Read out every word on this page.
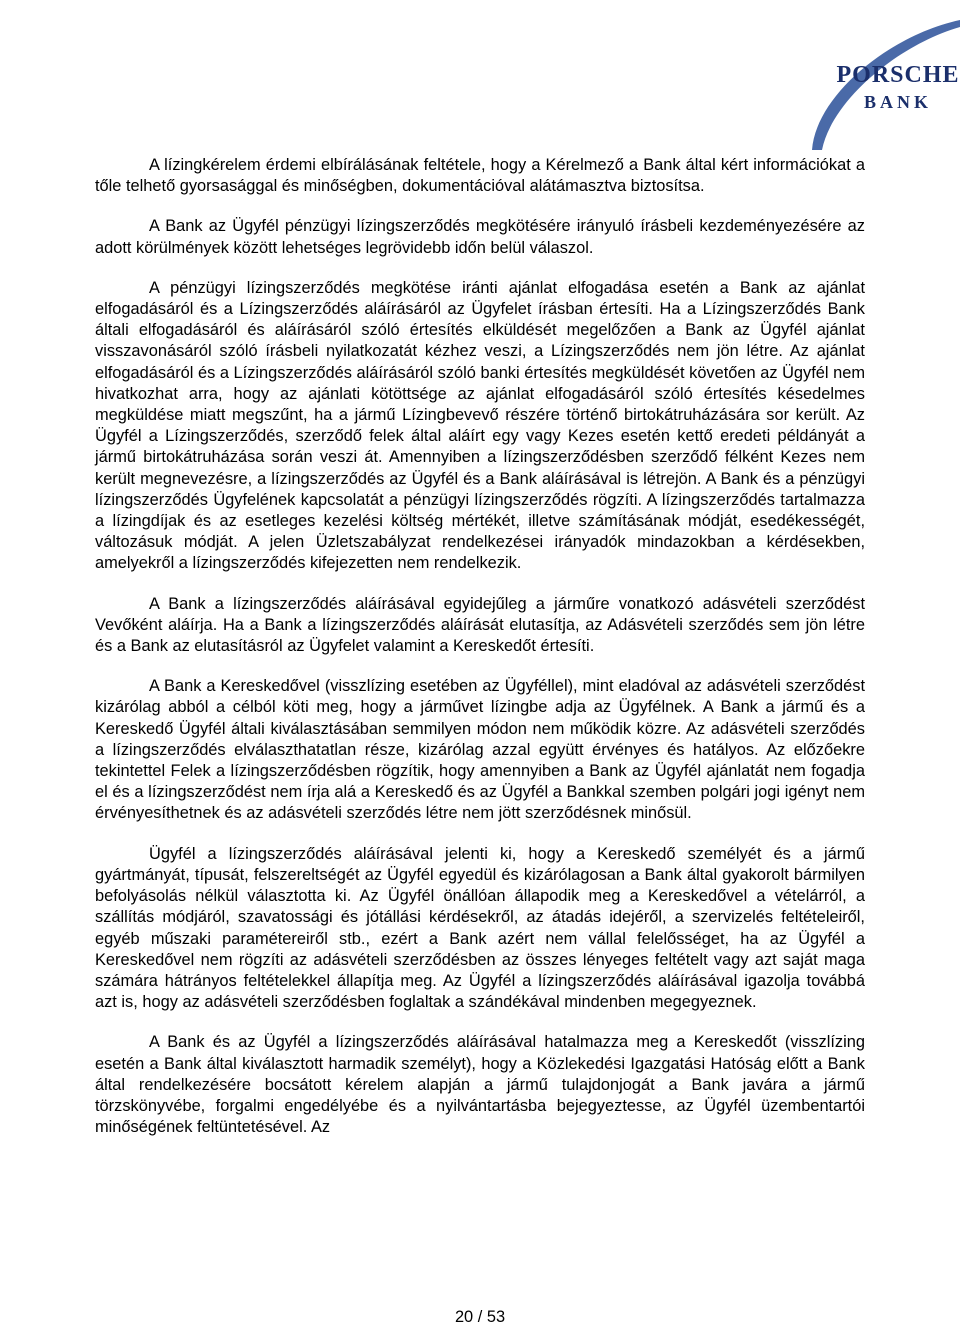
PORSCHE
BANK

A lízingkérelem érdemi elbírálásának feltétele, hogy a Kérelmező a Bank által kért információkat a tőle telhető gyorsasággal és minőségben, dokumentációval alátámasztva biztosítsa.

A Bank az Ügyfél pénzügyi lízingszerződés megkötésére irányuló írásbeli kezdeményezésére az adott körülmények között lehetséges legrövidebb időn belül válaszol.

A pénzügyi lízingszerződés megkötése iránti ajánlat elfogadása esetén a Bank az ajánlat elfogadásáról és a Lízingszerződés aláírásáról az Ügyfelet írásban értesíti. Ha a Lízingszerződés Bank általi elfogadásáról és aláírásáról szóló értesítés elküldését megelőzően a Bank az Ügyfél ajánlat visszavonásáról szóló írásbeli nyilatkozatát kézhez veszi, a Lízingszerződés nem jön létre. Az ajánlat elfogadásáról és a Lízingszerződés aláírásáról szóló banki értesítés megküldését követően az Ügyfél nem hivatkozhat arra, hogy az ajánlati kötöttsége az ajánlat elfogadásáról szóló értesítés késedelmes megküldése miatt megszűnt, ha a jármű Lízingbevevő részére történő birtokátruházására sor került. Az Ügyfél a Lízingszerződés, szerződő felek által aláírt egy vagy Kezes esetén kettő eredeti példányát a jármű birtokátruházása során veszi át. Amennyiben a lízingszerződésben szerződő félként Kezes nem került megnevezésre, a lízingszerződés az Ügyfél és a Bank aláírásával is létrejön. A Bank és a pénzügyi lízingszerződés Ügyfelének kapcsolatát a pénzügyi lízingszerződés rögzíti. A lízingszerződés tartalmazza a lízingdíjak és az esetleges kezelési költség mértékét, illetve számításának módját, esedékességét, változásuk módját. A jelen Üzletszabályzat rendelkezései irányadók mindazokban a kérdésekben, amelyekről a lízingszerződés kifejezetten nem rendelkezik.

A Bank a lízingszerződés aláírásával egyidejűleg a járműre vonatkozó adásvételi szerződést Vevőként aláírja. Ha a Bank a lízingszerződés aláírását elutasítja, az Adásvételi szerződés sem jön létre és a Bank az elutasításról az Ügyfelet valamint a Kereskedőt értesíti.

A Bank a Kereskedővel (visszlízing esetében az Ügyféllel), mint eladóval az adásvételi szerződést kizárólag abból a célból köti meg, hogy a járművet lízingbe adja az Ügyfélnek. A Bank a jármű és a Kereskedő Ügyfél általi kiválasztásában semmilyen módon nem működik közre. Az adásvételi szerződés a lízingszerződés elválaszthatatlan része, kizárólag azzal együtt érvényes és hatályos. Az előzőekre tekintettel Felek a lízingszerződésben rögzítik, hogy amennyiben a Bank az Ügyfél ajánlatát nem fogadja el és a lízingszerződést nem írja alá a Kereskedő és az Ügyfél a Bankkal szemben polgári jogi igényt nem érvényesíthetnek és az adásvételi szerződés létre nem jött szerződésnek minősül.

Ügyfél a lízingszerződés aláírásával jelenti ki, hogy a Kereskedő személyét és a jármű gyártmányát, típusát, felszereltségét az Ügyfél egyedül és kizárólagosan a Bank által gyakorolt bármilyen befolyásolás nélkül választotta ki. Az Ügyfél önállóan állapodik meg a Kereskedővel a vételárról, a szállítás módjáról, szavatossági és jótállási kérdésekről, az átadás idejéről, a szervizelés feltételeiről, egyéb műszaki paramétereiről stb., ezért a Bank azért nem vállal felelősséget, ha az Ügyfél a Kereskedővel nem rögzíti az adásvételi szerződésben az összes lényeges feltételt vagy azt saját maga számára hátrányos feltételekkel állapítja meg. Az Ügyfél a lízingszerződés aláírásával igazolja továbbá azt is, hogy az adásvételi szerződésben foglaltak a szándékával mindenben megegyeznek.

A Bank és az Ügyfél a lízingszerződés aláírásával hatalmazza meg a Kereskedőt (visszlízing esetén a Bank által kiválasztott harmadik személyt), hogy a Közlekedési Igazgatási Hatóság előtt a Bank által rendelkezésére bocsátott kérelem alapján a jármű tulajdonjogát a Bank javára a jármű törzskönyvébe, forgalmi engedélyébe és a nyilvántartásba bejegyeztesse, az Ügyfél üzembentartói minőségének feltüntetésével. Az

20 / 53
